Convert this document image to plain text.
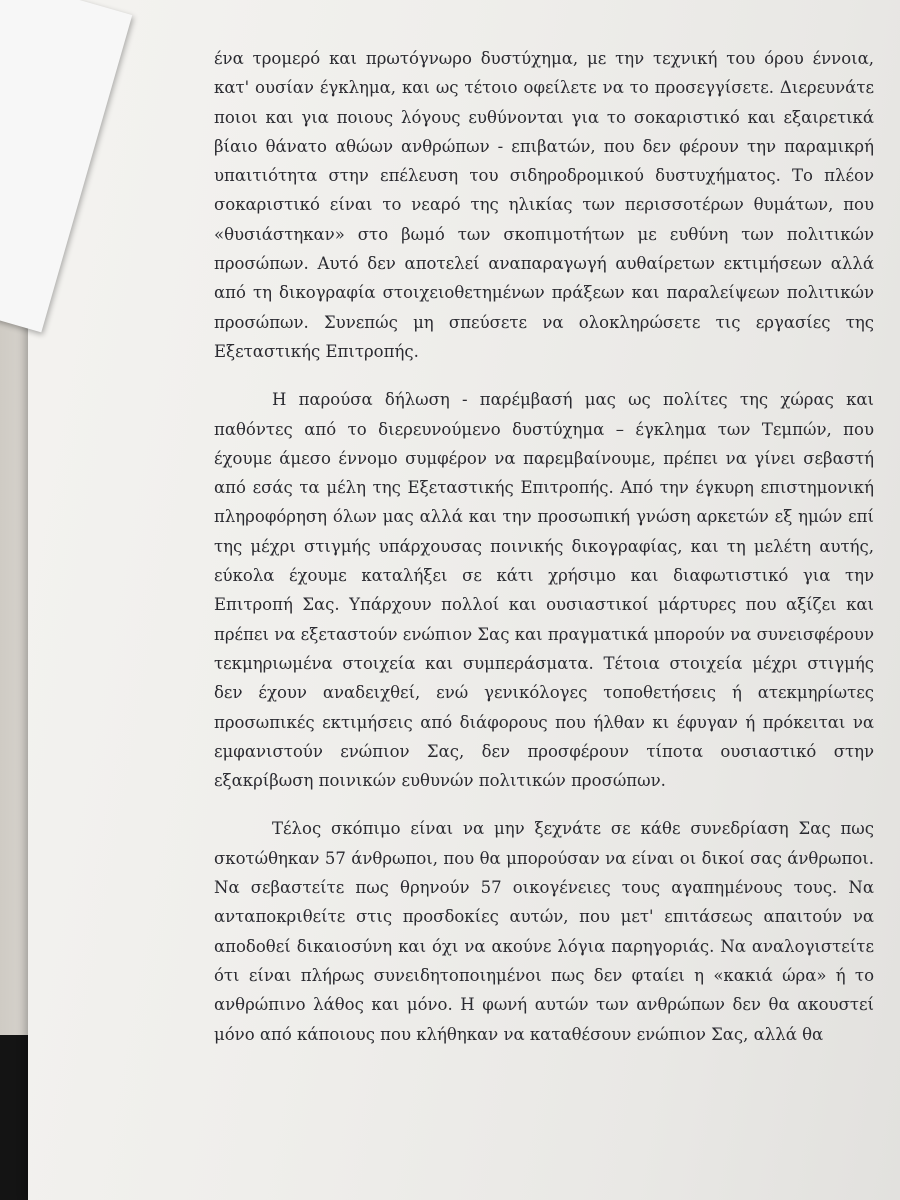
ένα τρομερό και πρωτόγνωρο δυστύχημα, με την τεχνική του όρου έννοια, κατ' ουσίαν έγκλημα, και ως τέτοιο οφείλετε να το προσεγγίσετε. Διερευνάτε ποιοι και για ποιους λόγους ευθύνονται για το σοκαριστικό και εξαιρετικά βίαιο θάνατο αθώων ανθρώπων - επιβατών, που δεν φέρουν την παραμικρή υπαιτιότητα στην επέλευση του σιδηροδρομικού δυστυχήματος. Το πλέον σοκαριστικό είναι το νεαρό της ηλικίας των περισσοτέρων θυμάτων, που «θυσιάστηκαν» στο βωμό των σκοπιμοτήτων με ευθύνη των πολιτικών προσώπων. Αυτό δεν αποτελεί αναπαραγωγή αυθαίρετων εκτιμήσεων αλλά από τη δικογραφία στοιχειοθετημένων πράξεων και παραλείψεων πολιτικών προσώπων. Συνεπώς μη σπεύσετε να ολοκληρώσετε τις εργασίες της Εξεταστικής Επιτροπής.

Η παρούσα δήλωση - παρέμβασή μας ως πολίτες της χώρας και παθόντες από το διερευνούμενο δυστύχημα – έγκλημα των Τεμπών, που έχουμε άμεσο έννομο συμφέρον να παρεμβαίνουμε, πρέπει να γίνει σεβαστή από εσάς τα μέλη της Εξεταστικής Επιτροπής. Από την έγκυρη επιστημονική πληροφόρηση όλων μας αλλά και την προσωπική γνώση αρκετών εξ ημών επί της μέχρι στιγμής υπάρχουσας ποινικής δικογραφίας, και τη μελέτη αυτής, εύκολα έχουμε καταλήξει σε κάτι χρήσιμο και διαφωτιστικό για την Επιτροπή Σας. Υπάρχουν πολλοί και ουσιαστικοί μάρτυρες που αξίζει και πρέπει να εξεταστούν ενώπιον Σας και πραγματικά μπορούν να συνεισφέρουν τεκμηριωμένα στοιχεία και συμπεράσματα. Τέτοια στοιχεία μέχρι στιγμής δεν έχουν αναδειχθεί, ενώ γενικόλογες τοποθετήσεις ή ατεκμηρίωτες προσωπικές εκτιμήσεις από διάφορους που ήλθαν κι έφυγαν ή πρόκειται να εμφανιστούν ενώπιον Σας, δεν προσφέρουν τίποτα ουσιαστικό στην εξακρίβωση ποινικών ευθυνών πολιτικών προσώπων.

Τέλος σκόπιμο είναι να μην ξεχνάτε σε κάθε συνεδρίαση Σας πως σκοτώθηκαν 57 άνθρωποι, που θα μπορούσαν να είναι οι δικοί σας άνθρωποι. Να σεβαστείτε πως θρηνούν 57 οικογένειες τους αγαπημένους τους. Να ανταποκριθείτε στις προσδοκίες αυτών, που μετ' επιτάσεως απαιτούν να αποδοθεί δικαιοσύνη και όχι να ακούνε λόγια παρηγοριάς. Να αναλογιστείτε ότι είναι πλήρως συνειδητοποιημένοι πως δεν φταίει η «κακιά ώρα» ή το ανθρώπινο λάθος και μόνο. Η φωνή αυτών των ανθρώπων δεν θα ακουστεί μόνο από κάποιους που κλήθηκαν να καταθέσουν ενώπιον Σας, αλλά θα
